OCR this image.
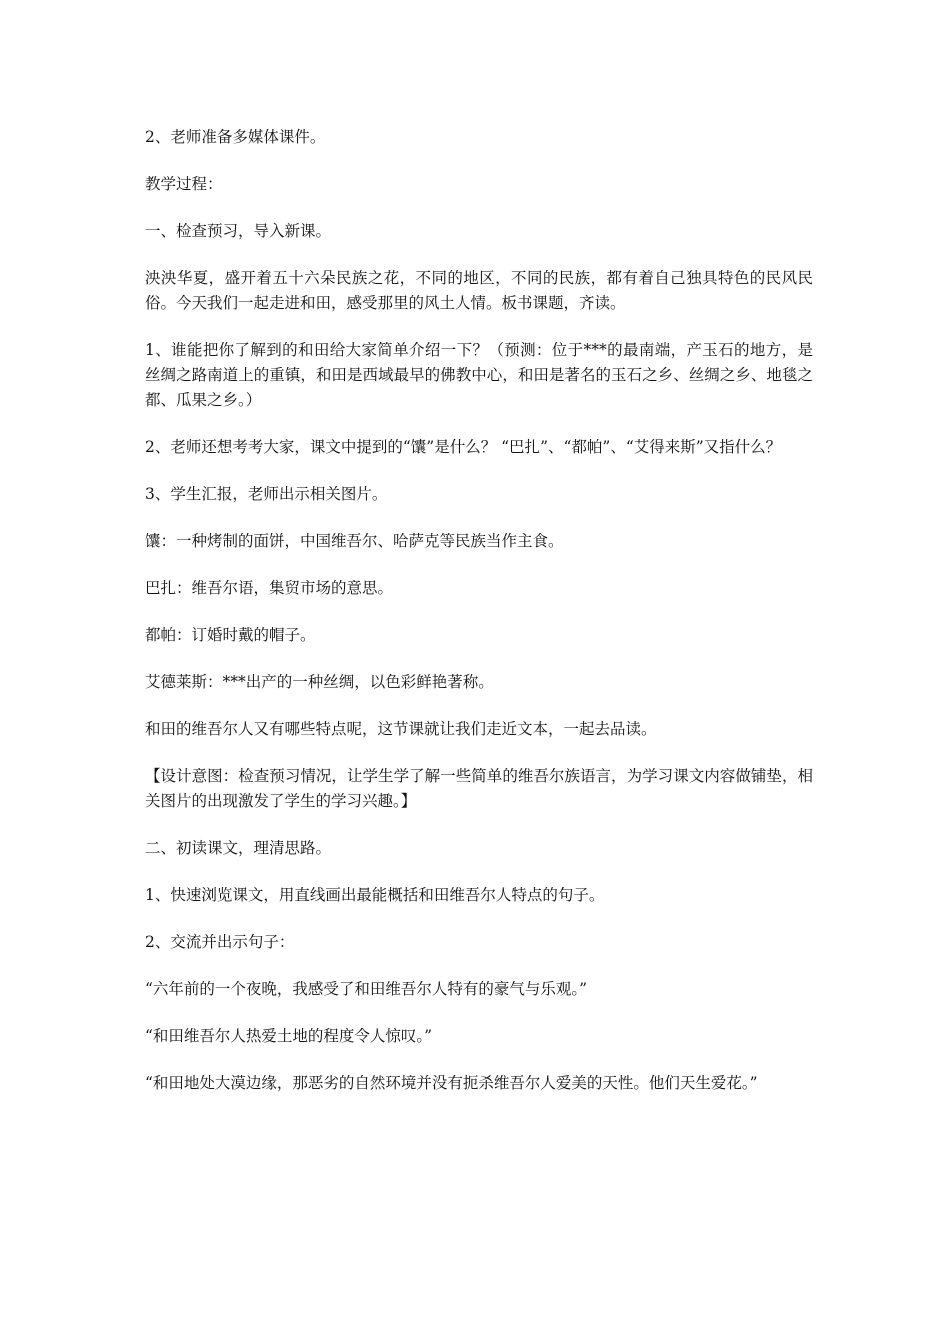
2、老师准备多媒体课件。

教学过程：

一、检查预习，导入新课。

泱泱华夏，盛开着五十六朵民族之花，不同的地区，不同的民族，都有着自己独具特色的民风民俗。今天我们一起走进和田，感受那里的风土人情。板书课题，齐读。

1、谁能把你了解到的和田给大家简单介绍一下？（预测：位于***的最南端，产玉石的地方，是丝绸之路南道上的重镇，和田是西域最早的佛教中心，和田是著名的玉石之乡、丝绸之乡、地毯之都、瓜果之乡。）

2、老师还想考考大家，课文中提到的“馕”是什么？ “巴扎”、“都帕”、“艾得来斯”又指什么？

3、学生汇报，老师出示相关图片。

馕：一种烤制的面饼，中国维吾尔、哈萨克等民族当作主食。

巴扎：维吾尔语，集贸市场的意思。

都帕：订婚时戴的帽子。

艾德莱斯：***出产的一种丝绸，以色彩鲜艳著称。

和田的维吾尔人又有哪些特点呢，这节课就让我们走近文本，一起去品读。

【设计意图：检查预习情况，让学生学了解一些简单的维吾尔族语言，为学习课文内容做铺垫，相关图片的出现激发了学生的学习兴趣。】

二、初读课文，理清思路。

1、快速浏览课文，用直线画出最能概括和田维吾尔人特点的句子。

2、交流并出示句子：

“六年前的一个夜晚，我感受了和田维吾尔人特有的豪气与乐观。”

“和田维吾尔人热爱土地的程度令人惊叹。”

“和田地处大漠边缘，那恶劣的自然环境并没有扼杀维吾尔人爱美的天性。他们天生爱花。”
